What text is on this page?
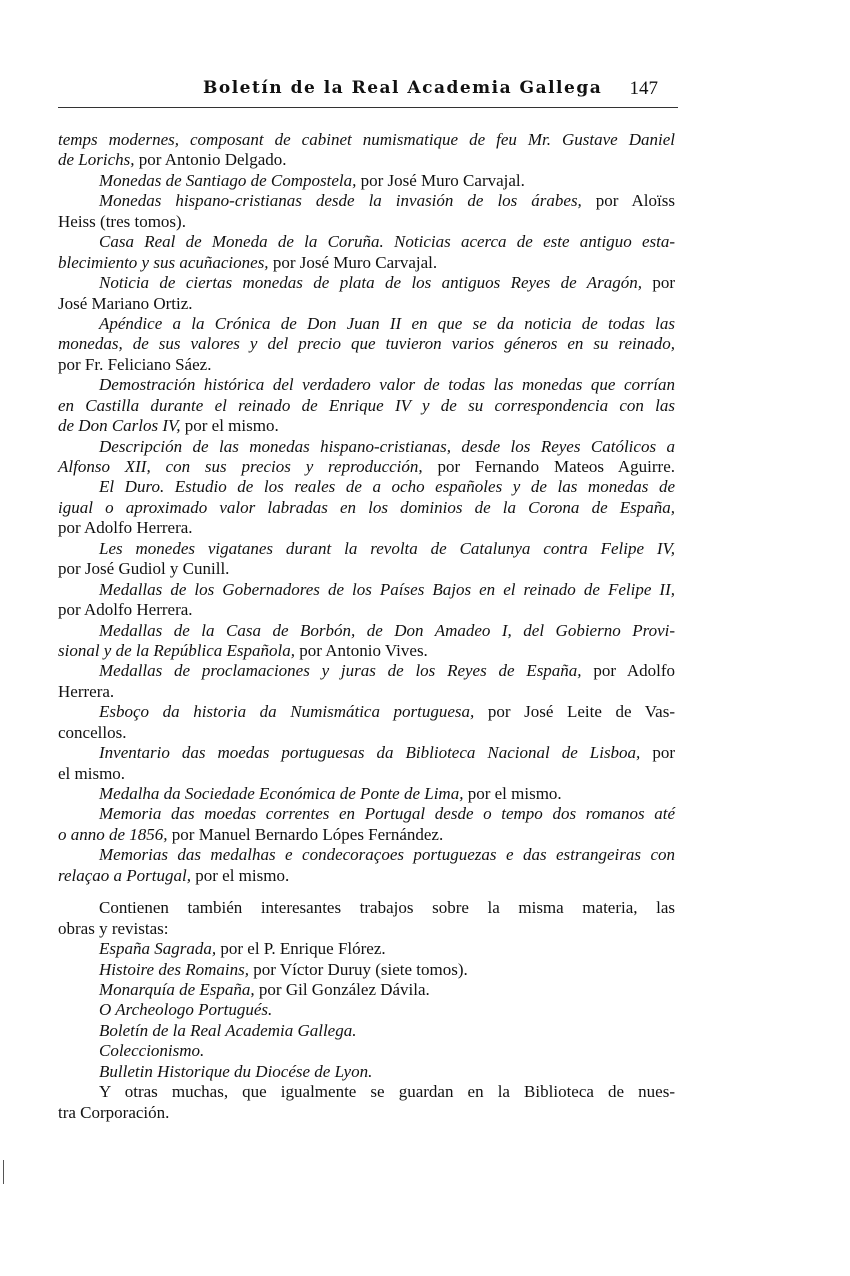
Boletín de la Real Academia Gallega 147
temps modernes, composant de cabinet numismatique de feu Mr. Gustave Daniel
de Lorichs, por Antonio Delgado.
Monedas de Santiago de Compostela, por José Muro Carvajal.
Monedas hispano-cristianas desde la invasión de los árabes, por Aloïss
Heiss (tres tomos).
Casa Real de Moneda de la Coruña. Noticias acerca de este antiguo esta-
blecimiento y sus acuñaciones, por José Muro Carvajal.
Noticia de ciertas monedas de plata de los antiguos Reyes de Aragón, por
José Mariano Ortiz.
Apéndice a la Crónica de Don Juan II en que se da noticia de todas las
monedas, de sus valores y del precio que tuvieron varios géneros en su reinado,
por Fr. Feliciano Sáez.
Demostración histórica del verdadero valor de todas las monedas que corrían
en Castilla durante el reinado de Enrique IV y de su correspondencia con las
de Don Carlos IV, por el mismo.
Descripción de las monedas hispano-cristianas, desde los Reyes Católicos a
Alfonso XII, con sus precios y reproducción, por Fernando Mateos Aguirre.
El Duro. Estudio de los reales de a ocho españoles y de las monedas de
igual o aproximado valor labradas en los dominios de la Corona de España,
por Adolfo Herrera.
Les monedes vigatanes durant la revolta de Catalunya contra Felipe IV,
por José Gudiol y Cunill.
Medallas de los Gobernadores de los Países Bajos en el reinado de Felipe II,
por Adolfo Herrera.
Medallas de la Casa de Borbón, de Don Amadeo I, del Gobierno Provi-
sional y de la República Española, por Antonio Vives.
Medallas de proclamaciones y juras de los Reyes de España, por Adolfo
Herrera.
Esboço da historia da Numismática portuguesa, por José Leite de Vas-
concellos.
Inventario das moedas portuguesas da Biblioteca Nacional de Lisboa, por
el mismo.
Medalha da Sociedade Económica de Ponte de Lima, por el mismo.
Memoria das moedas correntes en Portugal desde o tempo dos romanos até
o anno de 1856, por Manuel Bernardo Lópes Fernández.
Memorias das medalhas e condecoraçoes portuguezas e das estrangeiras con
relaçao a Portugal, por el mismo.
Contienen también interesantes trabajos sobre la misma materia, las
obras y revistas:
España Sagrada, por el P. Enrique Flórez.
Histoire des Romains, por Víctor Duruy (siete tomos).
Monarquía de España, por Gil González Dávila.
O Archeologo Portugués.
Boletín de la Real Academia Gallega.
Coleccionismo.
Bulletin Historique du Diocése de Lyon.
Y otras muchas, que igualmente se guardan en la Biblioteca de nues-
tra Corporación.
